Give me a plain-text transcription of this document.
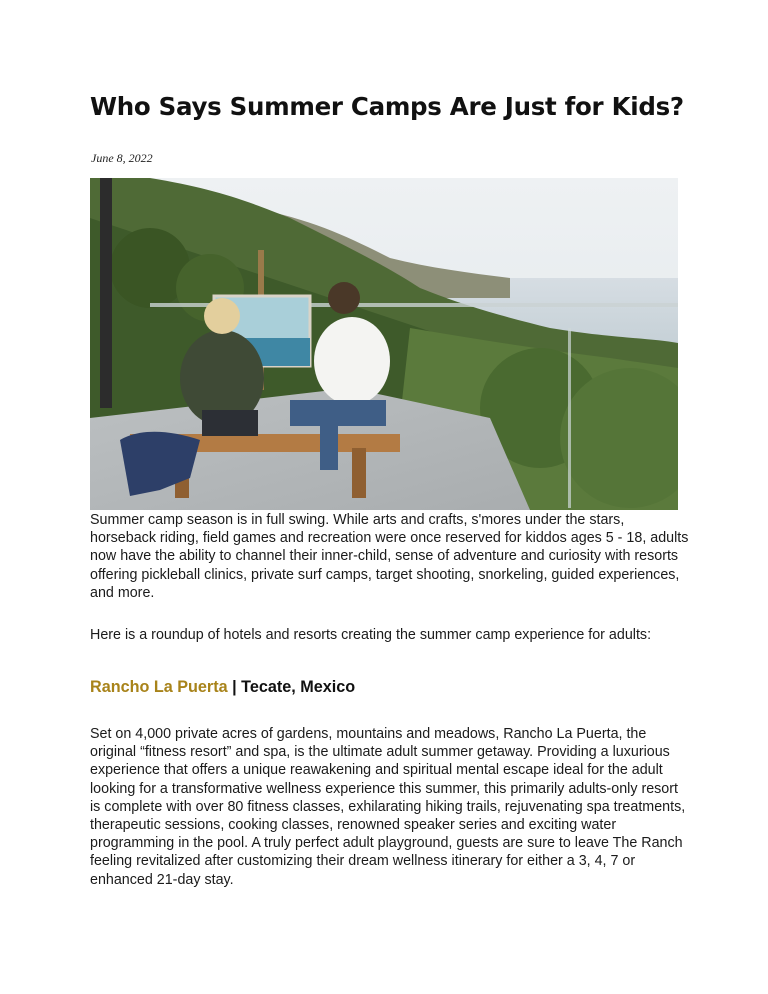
Who Says Summer Camps Are Just for Kids?
June 8, 2022

Summer camp season is in full swing. While arts and crafts, s'mores under the stars, horseback riding, field games and recreation were once reserved for kiddos ages 5 - 18, adults now have the ability to channel their inner-child, sense of adventure and curiosity with resorts offering pickleball clinics, private surf camps, target shooting, snorkeling, guided experiences, and more.

Here is a roundup of hotels and resorts creating the summer camp experience for adults:

Rancho La Puerta | Tecate, Mexico

Set on 4,000 private acres of gardens, mountains and meadows, Rancho La Puerta, the original “fitness resort” and spa, is the ultimate adult summer getaway. Providing a luxurious experience that offers a unique reawakening and spiritual mental escape ideal for the adult looking for a transformative wellness experience this summer, this primarily adults-only resort is complete with over 80 fitness classes, exhilarating hiking trails, rejuvenating spa treatments, therapeutic sessions, cooking classes, renowned speaker series and exciting water programming in the pool. A truly perfect adult playground, guests are sure to leave The Ranch feeling revitalized after customizing their dream wellness itinerary for either a 3, 4, 7 or enhanced 21-day stay.
